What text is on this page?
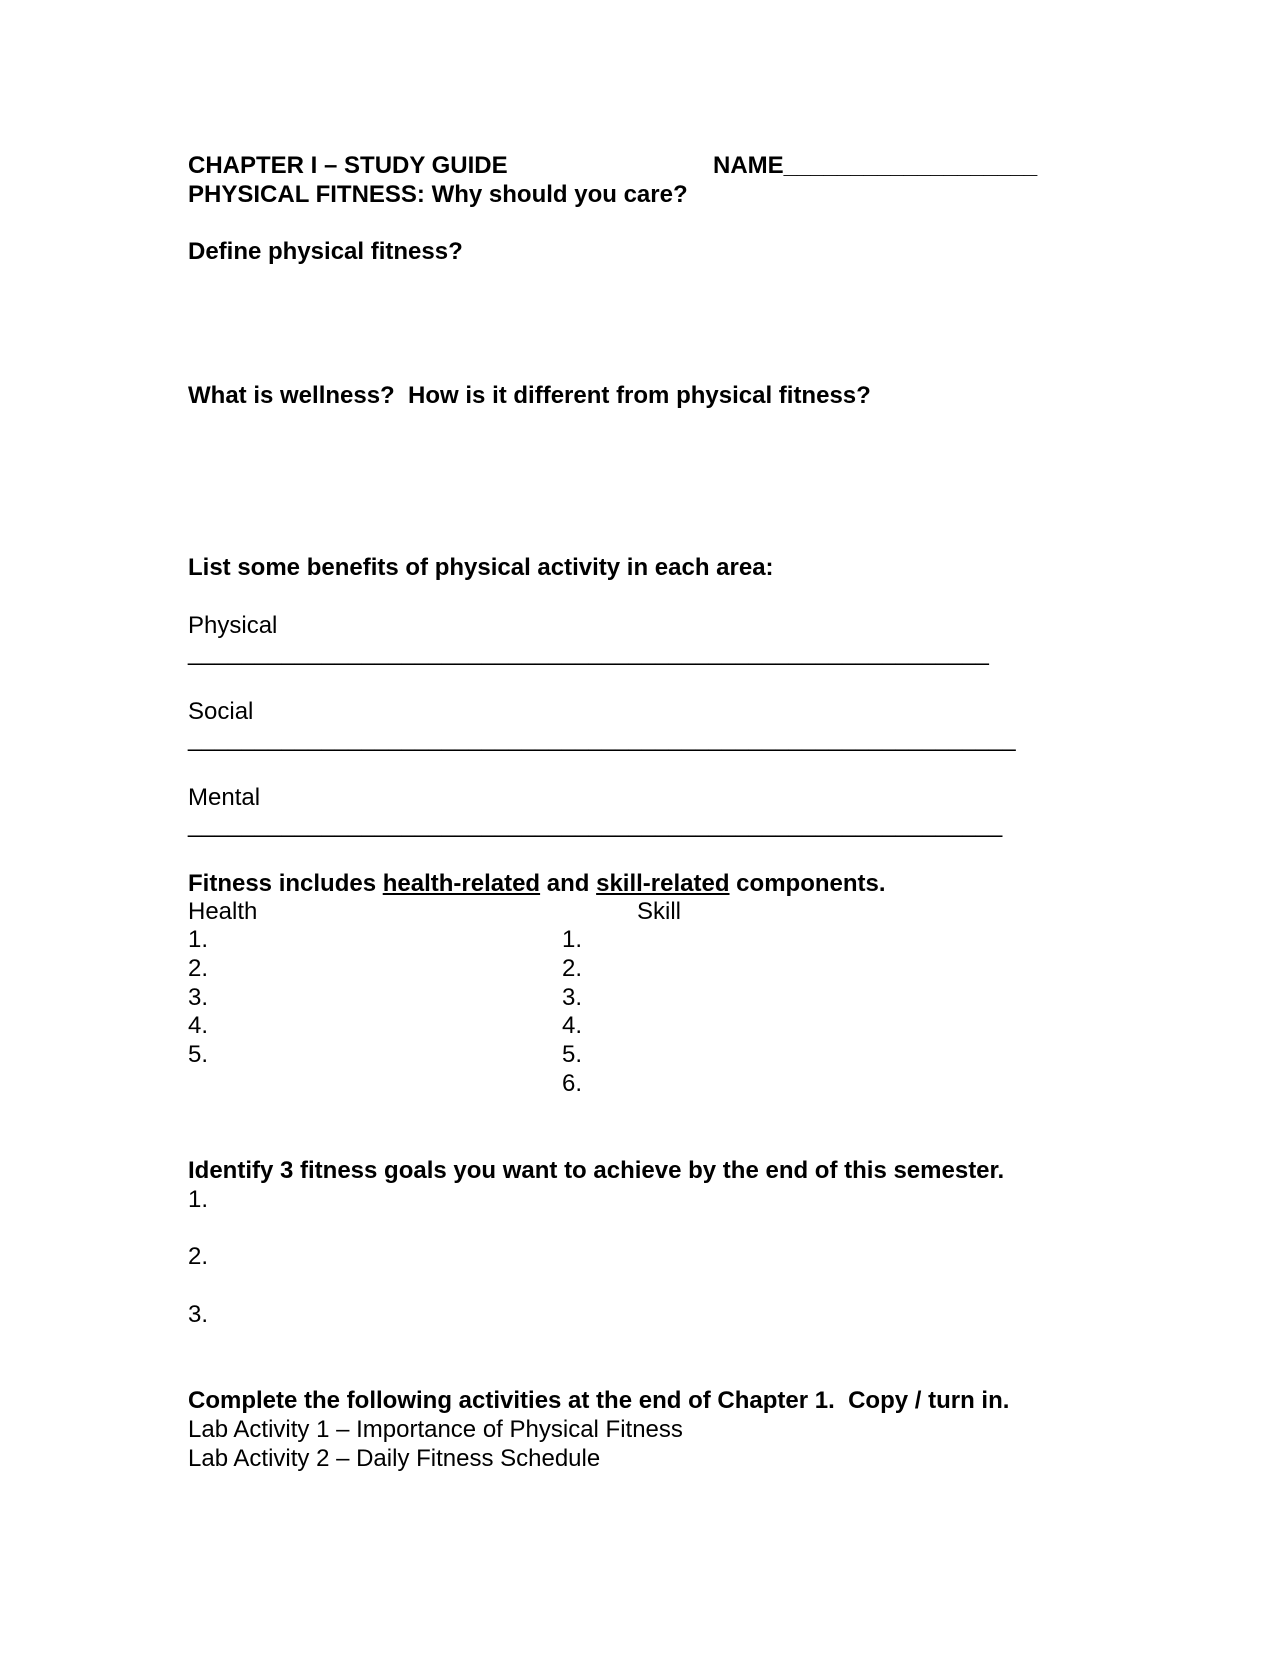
CHAPTER I – STUDY GUIDE	NAME___________________
PHYSICAL FITNESS: Why should you care?
Define physical fitness?
What is wellness?  How is it different from physical fitness?
List some benefits of physical activity in each area:
Physical
____________________________________________________________
Social
______________________________________________________________
Mental
_____________________________________________________________
Fitness includes health-related and skill-related components.
Health	Skill
1.
2.
3.
4.
5.
1.
2.
3.
4.
5.
6.
Identify 3 fitness goals you want to achieve by the end of this semester.
1.
2.
3.
Complete the following activities at the end of Chapter 1.  Copy / turn in.
Lab Activity 1 – Importance of Physical Fitness
Lab Activity 2 – Daily Fitness Schedule
